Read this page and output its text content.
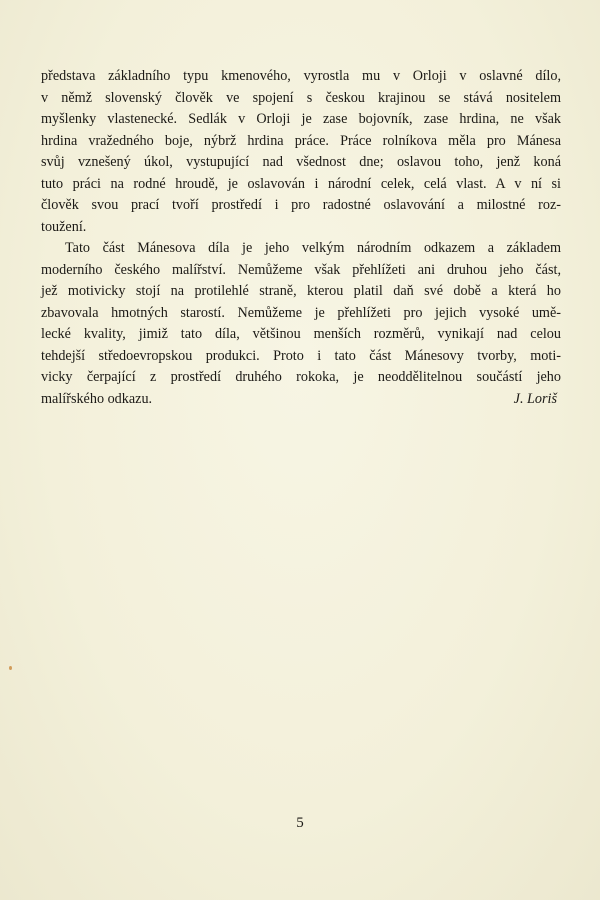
představa základního typu kmenového, vyrostla mu v Orloji v oslavné dílo,
v němž slovenský člověk ve spojení s českou krajinou se stává nositelem
myšlenky vlastenecké. Sedlák v Orloji je zase bojovník, zase hrdina, ne však
hrdina vražedného boje, nýbrž hrdina práce. Práce rolníkova měla pro Mánesa
svůj vznešený úkol, vystupující nad všednost dne; oslavou toho, jenž koná
tuto práci na rodné hroudě, je oslavován i národní celek, celá vlast. A v ní si
člověk svou prací tvoří prostředí i pro radostné oslavování a milostné roz-
toužení.

Tato část Mánesova díla je jeho velkým národním odkazem a základem
moderního českého malířství. Nemůžeme však přehlížeti ani druhou jeho část,
jež motivicky stojí na protilehlé straně, kterou platil daň své době a která ho
zbavovala hmotných starostí. Nemůžeme je přehlížeti pro jejich vysoké umě-
lecké kvality, jimiž tato díla, většinou menších rozměrů, vynikají nad celou
tehdejší středoevropskou produkci. Proto i tato část Mánesovy tvorby, moti-
vicky čerpající z prostředí druhého rokoka, je neoddělitelnou součástí jeho
malířského odkazu.	J. Loriš

5
